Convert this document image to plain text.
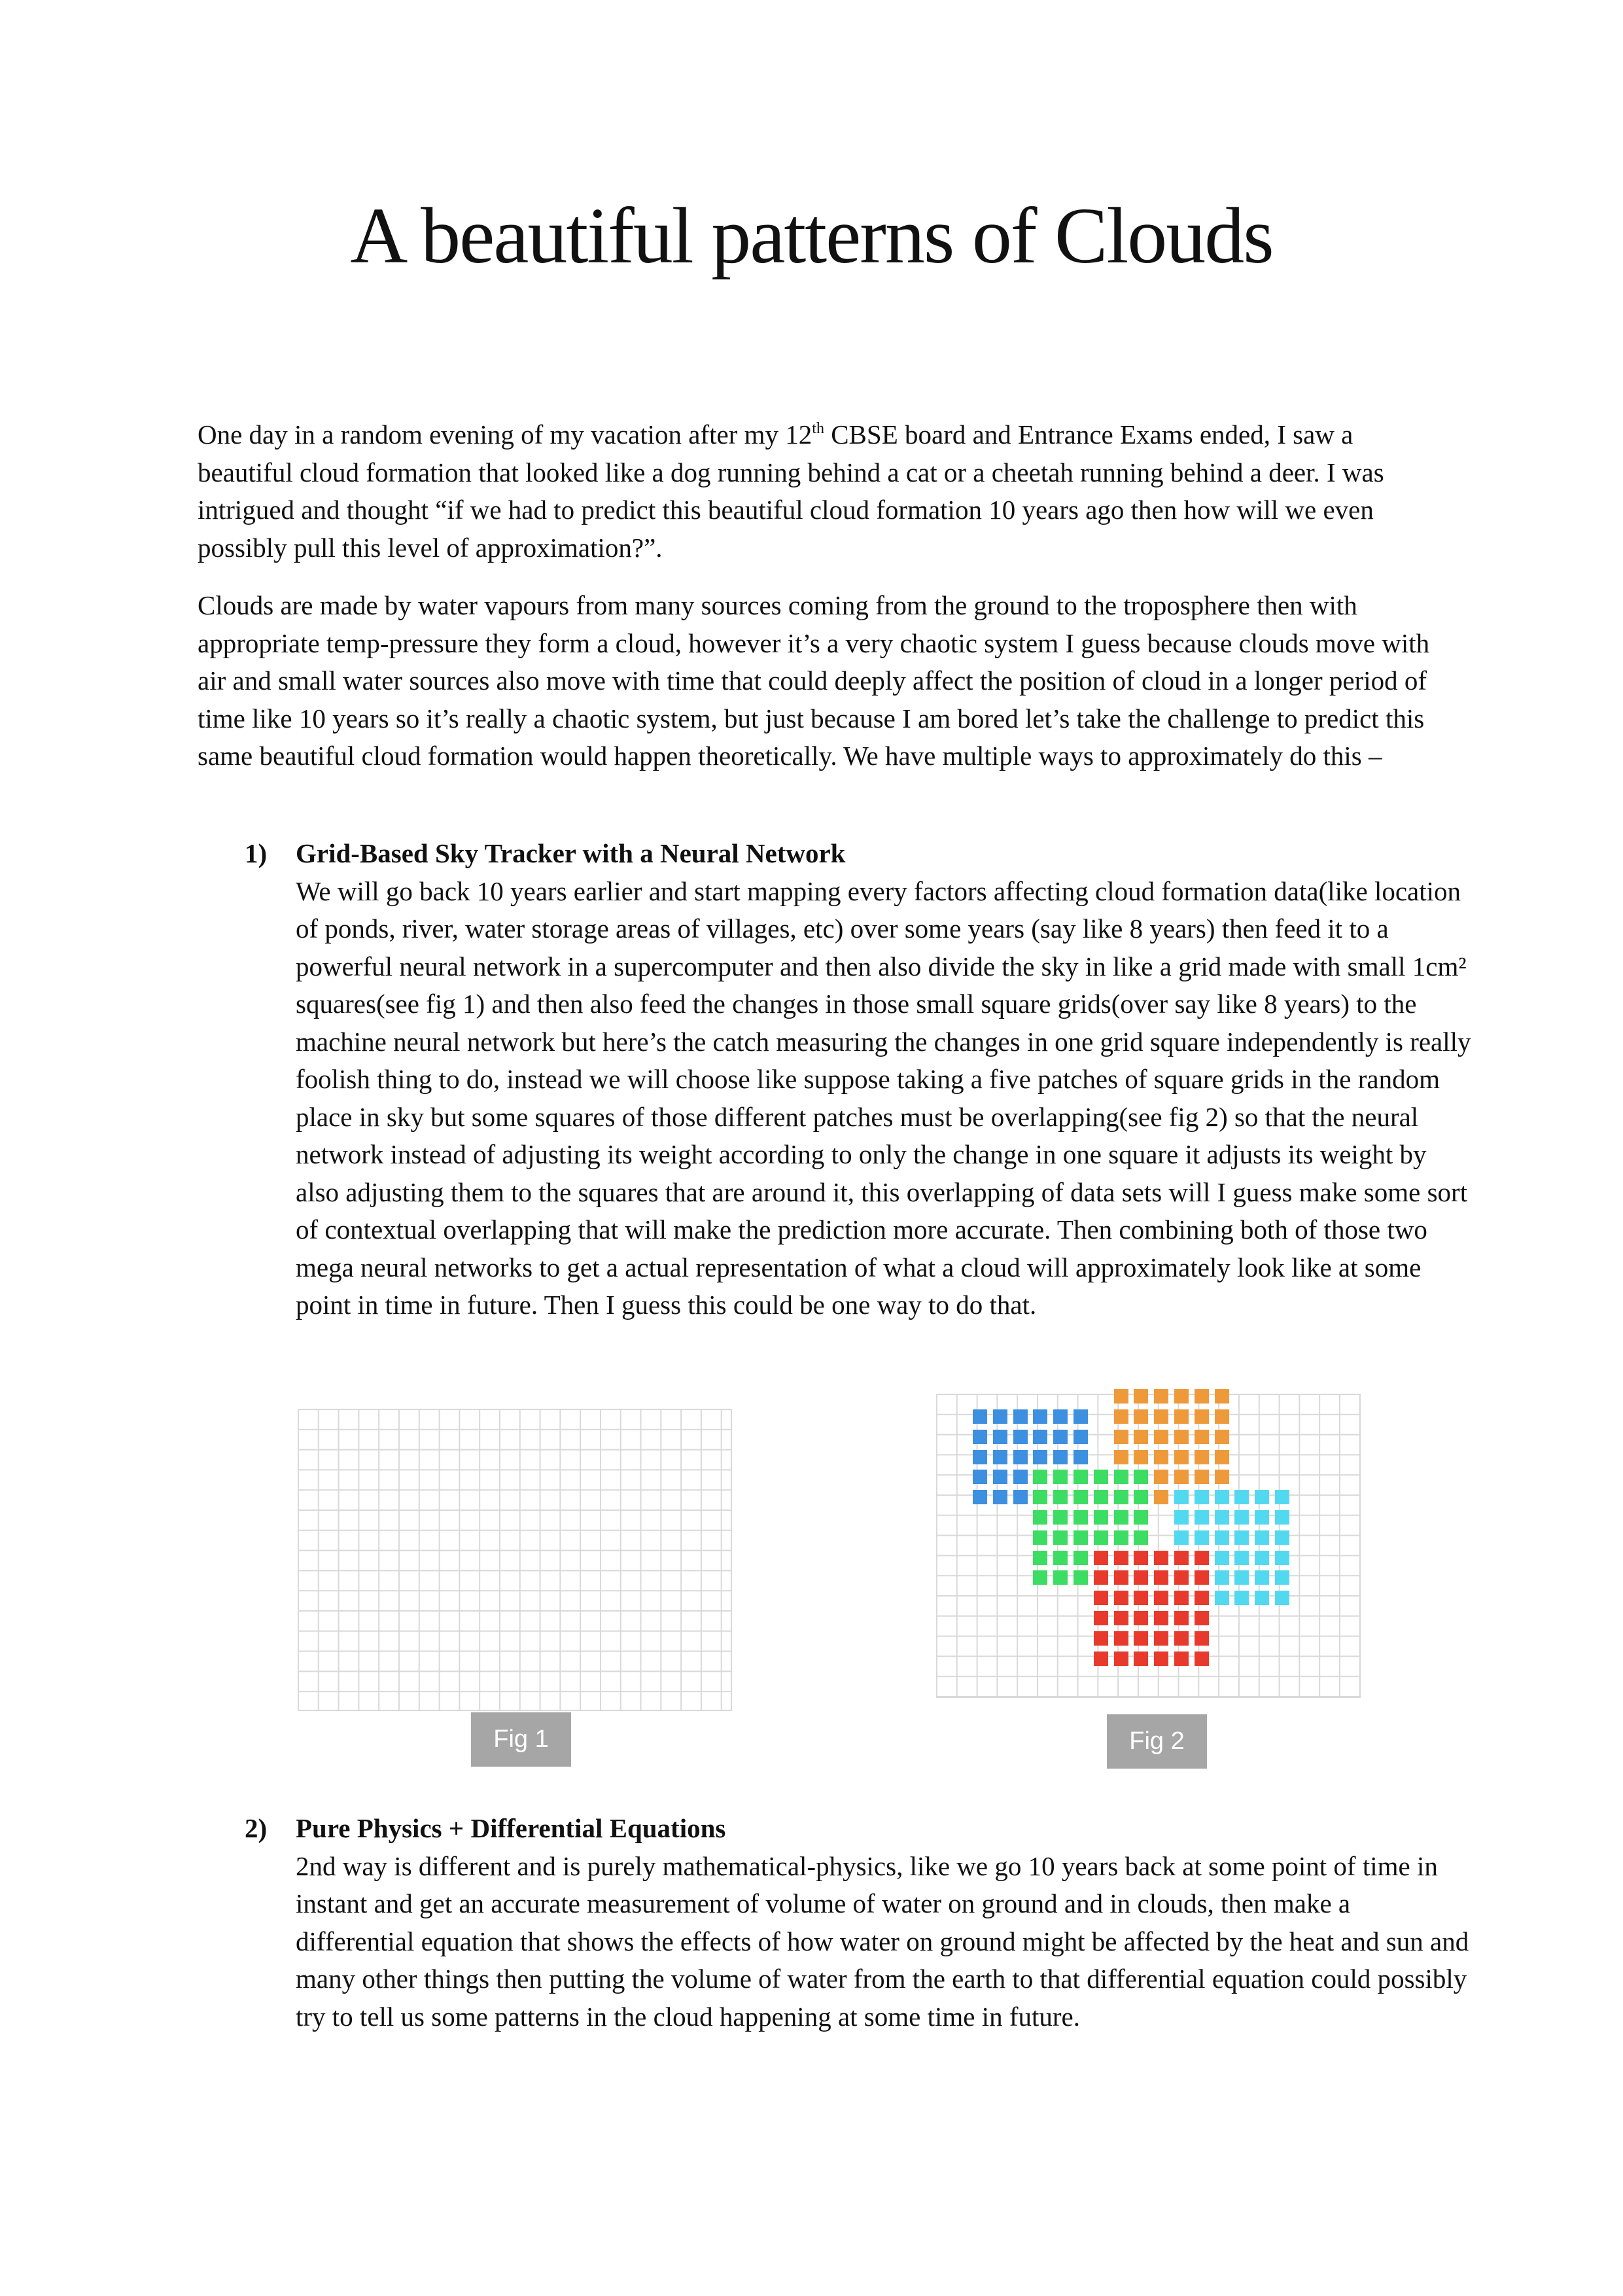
A beautiful patterns of Clouds

One day in a random evening of my vacation after my 12th CBSE board and Entrance Exams ended, I saw a beautiful cloud formation that looked like a dog running behind a cat or a cheetah running behind a deer. I was intrigued and thought “if we had to predict this beautiful cloud formation 10 years ago then how will we even possibly pull this level of approximation?”.

Clouds are made by water vapours from many sources coming from the ground to the troposphere then with appropriate temp-pressure they form a cloud, however it’s a very chaotic system I guess because clouds move with air and small water sources also move with time that could deeply affect the position of cloud in a longer period of time like 10 years so it’s really a chaotic system, but just because I am bored let’s take the challenge to predict this same beautiful cloud formation would happen theoretically. We have multiple ways to approximately do this –

1) Grid-Based Sky Tracker with a Neural Network

We will go back 10 years earlier and start mapping every factors affecting cloud formation data(like location of ponds, river, water storage areas of villages, etc) over some years (say like 8 years) then feed it to a powerful neural network in a supercomputer and then also divide the sky in like a grid made with small 1cm² squares(see fig 1) and then also feed the changes in those small square grids(over say like 8 years) to the machine neural network but here’s the catch measuring the changes in one grid square independently is really foolish thing to do, instead we will choose like suppose taking a five patches of square grids in the random place in sky but some squares of those different patches must be overlapping(see fig 2) so that the neural network instead of adjusting its weight according to only the change in one square it adjusts its weight by also adjusting them to the squares that are around it, this overlapping of data sets will I guess make some sort of contextual overlapping that will make the prediction more accurate. Then combining both of those two mega neural networks to get a actual representation of what a cloud will approximately look like at some point in time in future. Then I guess this could be one way to do that.

Fig 1	Fig 2
2) Pure Physics + Differential Equations

2nd way is different and is purely mathematical-physics, like we go 10 years back at some point of time in instant and get an accurate measurement of volume of water on ground and in clouds, then make a differential equation that shows the effects of how water on ground might be affected by the heat and sun and many other things then putting the volume of water from the earth to that differential equation could possibly try to tell us some patterns in the cloud happening at some time in future.
